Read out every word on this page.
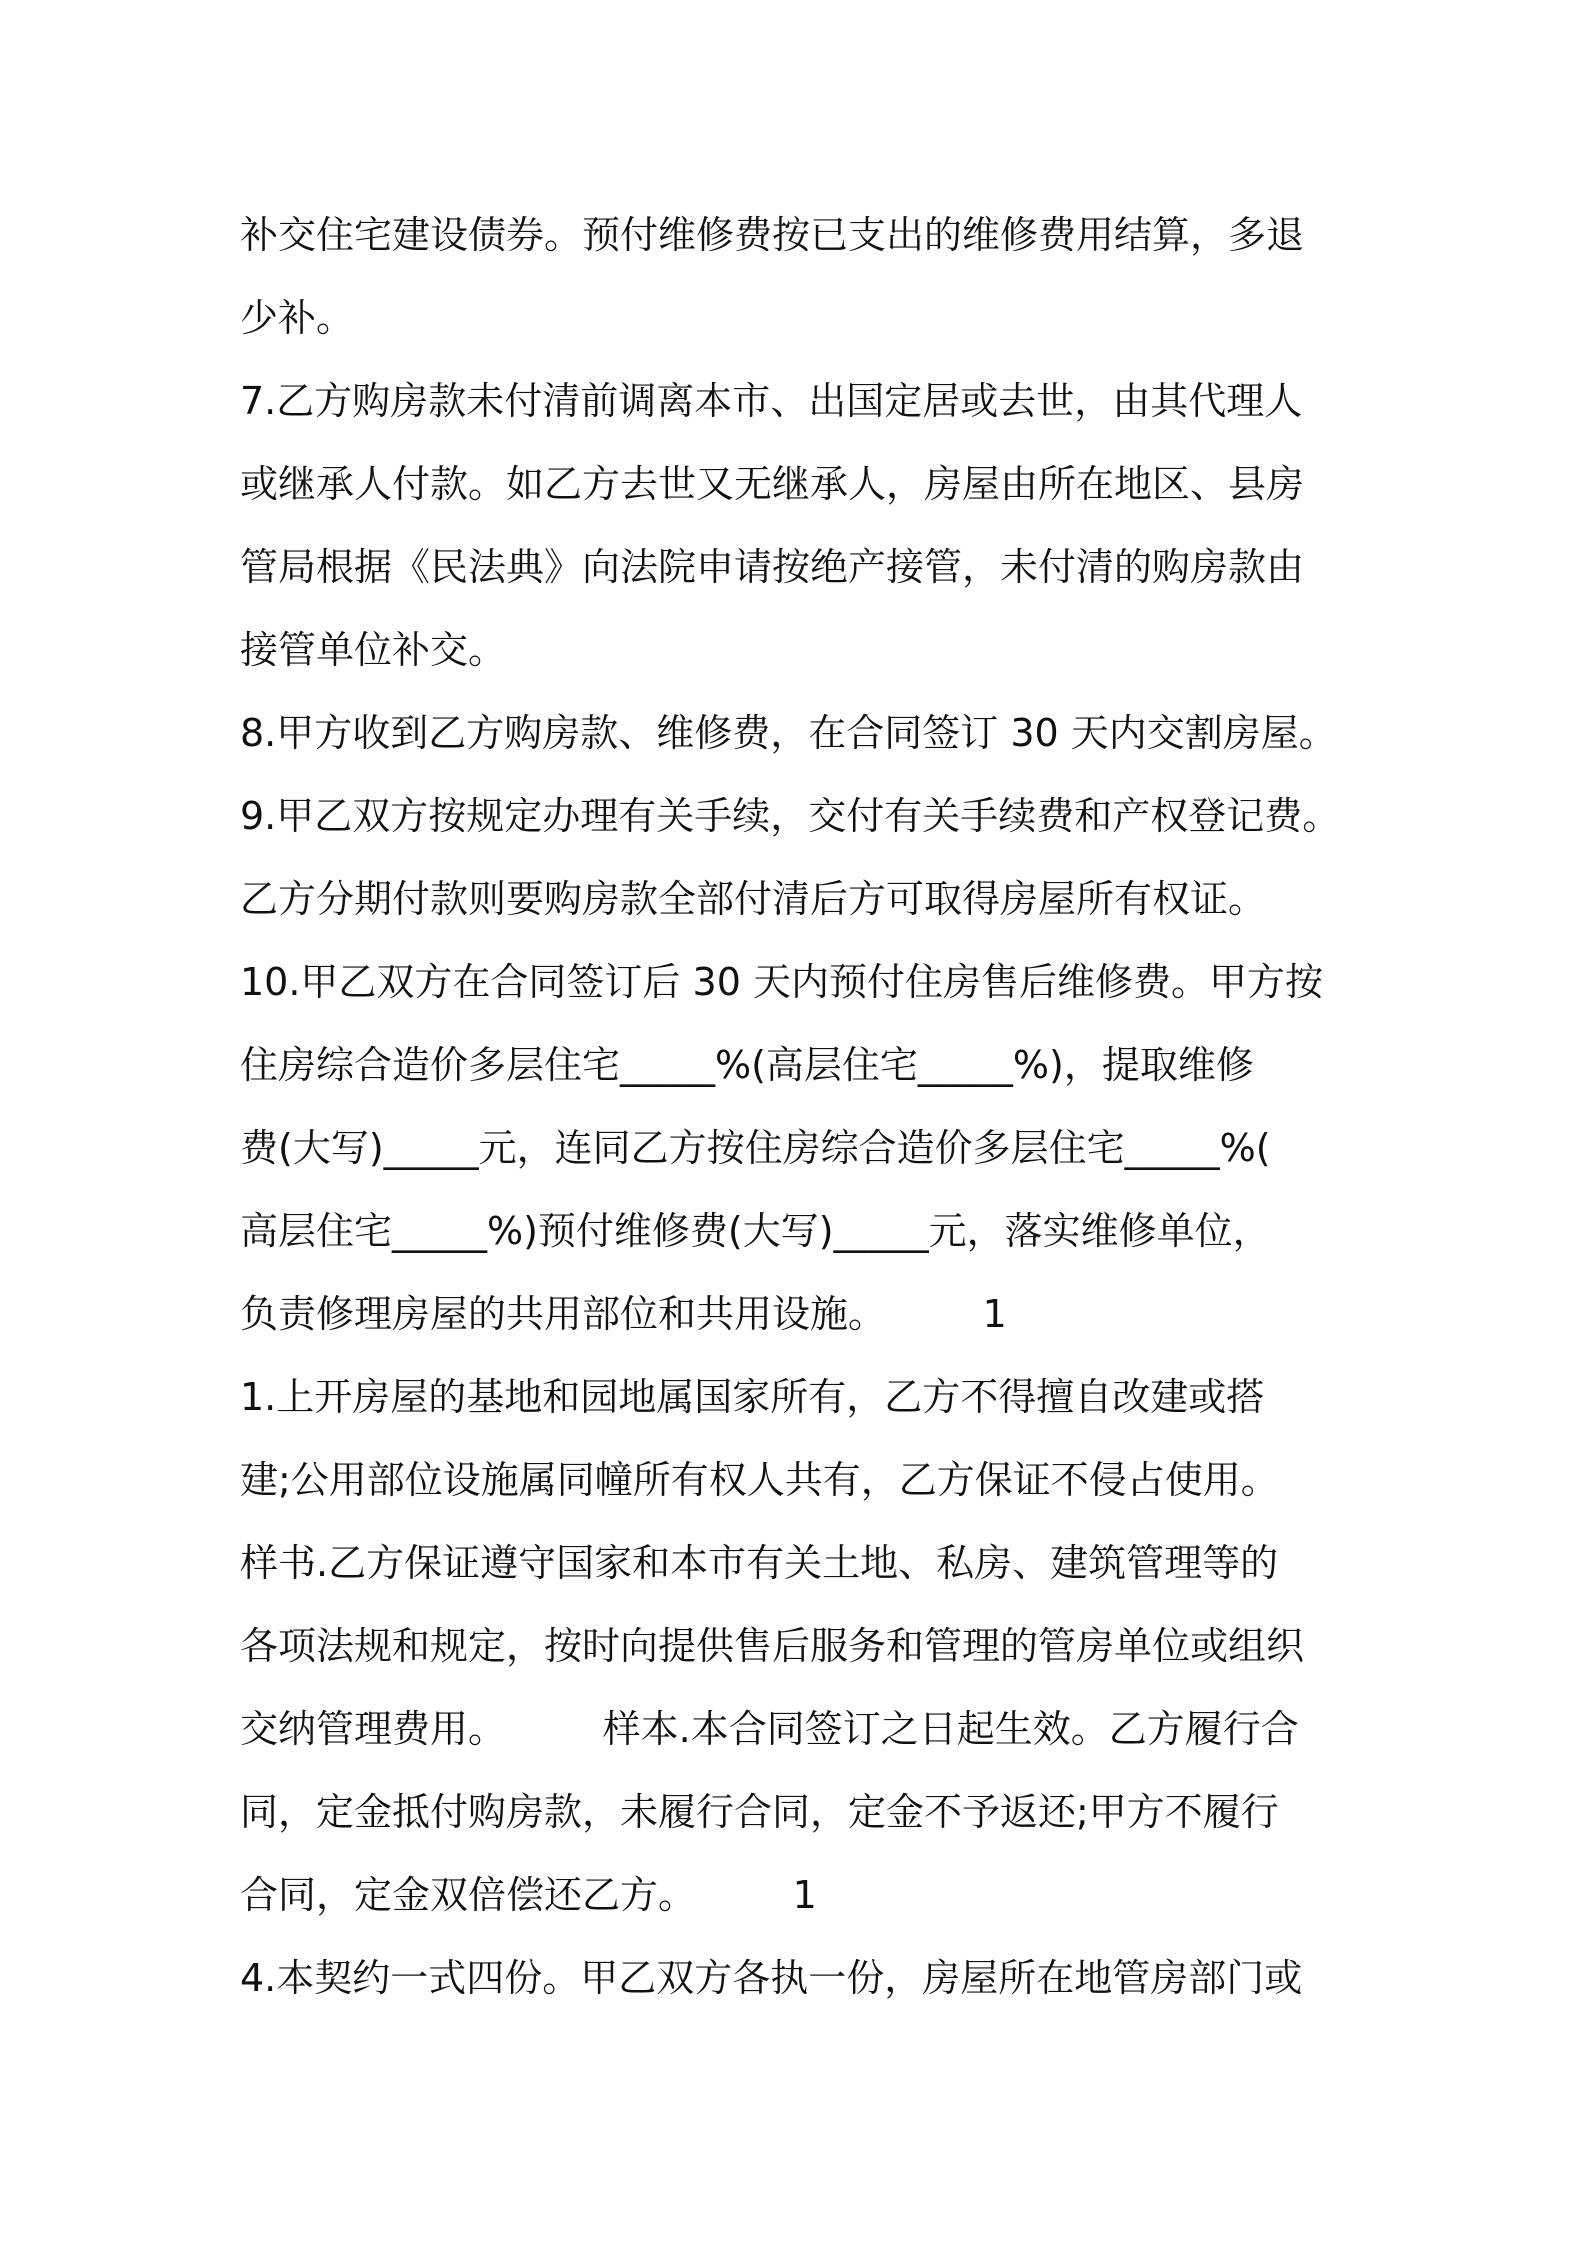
补交住宅建设债券。预付维修费按已支出的维修费用结算，多退
少补。
7.乙方购房款未付清前调离本市、出国定居或去世，由其代理人
或继承人付款。如乙方去世又无继承人，房屋由所在地区、县房
管局根据《民法典》向法院申请按绝产接管，未付清的购房款由
接管单位补交。
8.甲方收到乙方购房款、维修费，在合同签订 30 天内交割房屋。
9.甲乙双方按规定办理有关手续，交付有关手续费和产权登记费。
乙方分期付款则要购房款全部付清后方可取得房屋所有权证。
10.甲乙双方在合同签订后 30 天内预付住房售后维修费。甲方按
住房综合造价多层住宅_____%(高层住宅_____%)，提取维修
费(大写)_____元，连同乙方按住房综合造价多层住宅_____%(
高层住宅_____%)预付维修费(大写)_____元，落实维修单位，
负责修理房屋的共用部位和共用设施。        1
1.上开房屋的基地和园地属国家所有，乙方不得擅自改建或搭
建;公用部位设施属同幢所有权人共有，乙方保证不侵占使用。
样书.乙方保证遵守国家和本市有关土地、私房、建筑管理等的
各项法规和规定，按时向提供售后服务和管理的管房单位或组织
交纳管理费用。        样本.本合同签订之日起生效。乙方履行合
同，定金抵付购房款，未履行合同，定金不予返还;甲方不履行
合同，定金双倍偿还乙方。        1
4.本契约一式四份。甲乙双方各执一份，房屋所在地管房部门或
